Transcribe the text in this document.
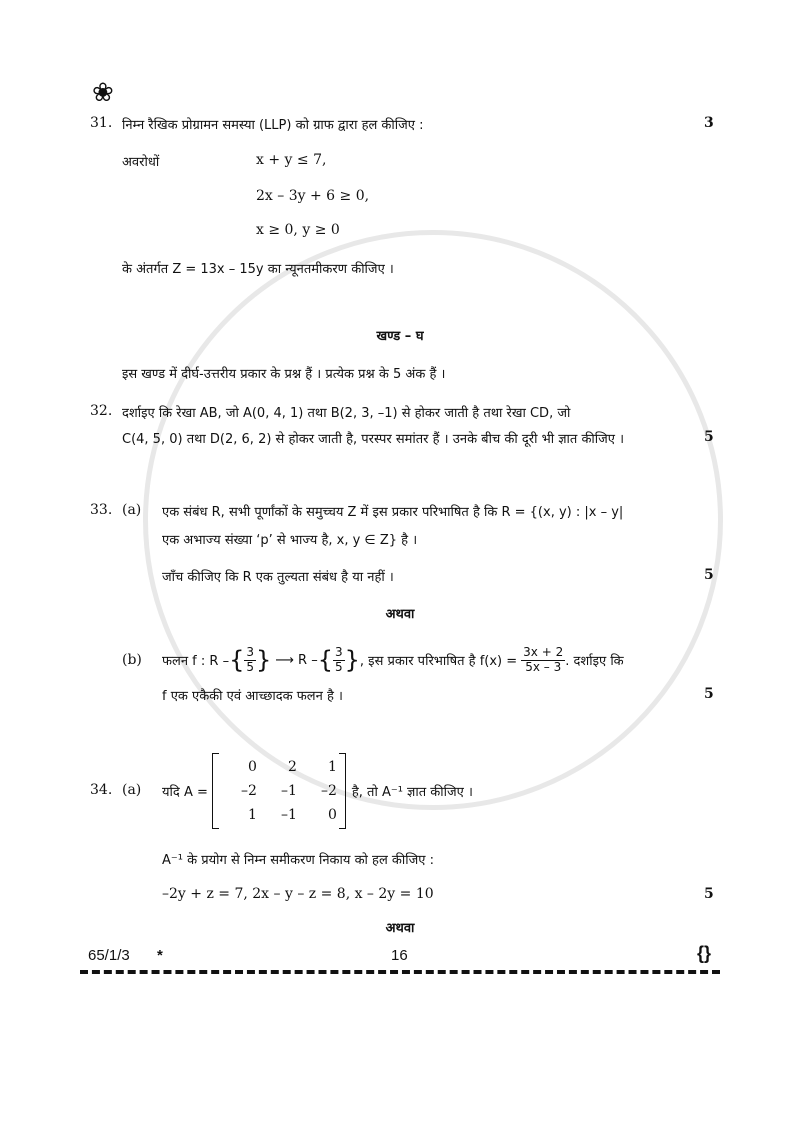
❀
31. निम्न रैखिक प्रोग्रामन समस्या (LLP) को ग्राफ द्वारा हल कीजिए :	3
अवरोधों	x + y ≤ 7,
2x – 3y + 6 ≥ 0,
x ≥ 0, y ≥ 0
के अंतर्गत Z = 13x – 15y का न्यूनतमीकरण कीजिए ।
खण्ड – घ
इस खण्ड में दीर्घ-उत्तरीय प्रकार के प्रश्न हैं । प्रत्येक प्रश्न के 5 अंक हैं ।
32. दर्शाइए कि रेखा AB, जो A(0, 4, 1) तथा B(2, 3, –1) से होकर जाती है तथा रेखा CD, जो
C(4, 5, 0) तथा D(2, 6, 2) से होकर जाती है, परस्पर समांतर हैं । उनके बीच की दूरी भी ज्ञात कीजिए ।	5
33. (a) एक संबंध R, सभी पूर्णांकों के समुच्चय Z में इस प्रकार परिभाषित है कि R = {(x, y) : |x – y|
एक अभाज्य संख्या ‘p’ से भाज्य है, x, y ∈ Z} है ।
जाँच कीजिए कि R एक तुल्यता संबंध है या नहीं ।	5
अथवा
(b) फलन f : R – { $\frac{3}{5}$ } ⟶ R – { $\frac{3}{5}$ } , इस प्रकार परिभाषित है $f(x) = \frac{3x + 2}{5x - 3}$ . दर्शाइए कि
f एक एकैकी एवं आच्छादक फलन है ।	5
34. (a) यदि A =
0	2	1
–2	–1	–2
1	–1	0
है, तो A⁻¹ ज्ञात कीजिए ।
A⁻¹ के प्रयोग से निम्न समीकरण निकाय को हल कीजिए :
–2y + z = 7, 2x – y – z = 8, x – 2y = 10	5
अथवा
65/1/3 *	16	{}
